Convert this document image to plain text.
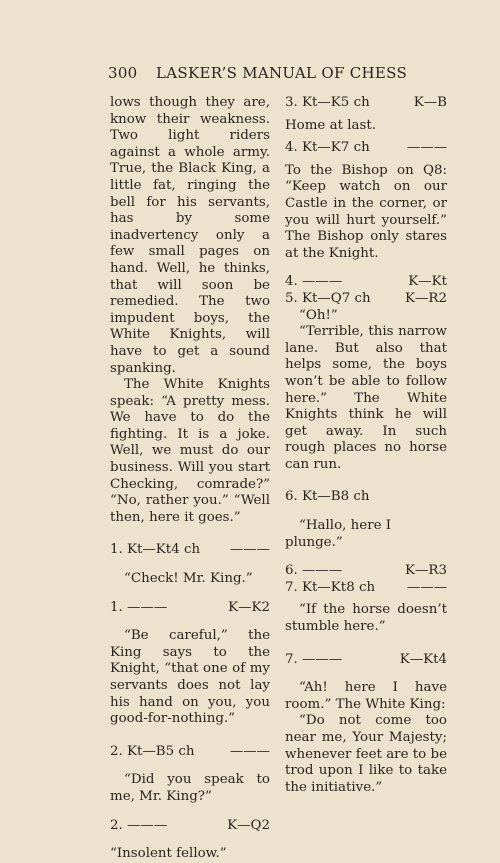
300 LASKER’S MANUAL OF CHESS

lows though they are, know their weakness. Two light riders against a whole army. True, the Black King, a little fat, ringing the bell for his servants, has by some inadvertency only a few small pages on hand. Well, he thinks, that will soon be remedied. The two impudent boys, the White Knights, will have to get a sound spanking.

The White Knights speak: “A pretty mess. We have to do the fighting. It is a joke. Well, we must do our business. Will you start Checking, comrade?” “No, rather you.” “Well then, here it goes.”

1. Kt—Kt4 ch ———

“Check! Mr. King.”

1. ———	K—K2

“Be careful,” the King says to the Knight, “that one of my servants does not lay his hand on you, you good-for-nothing.”

2. Kt—B5 ch	———

“Did you speak to me, Mr. King?”

2. ———	K—Q2

“Insolent fellow.”

3. Kt—K5 ch	K—B

Home at last.

4. Kt—K7 ch	———

To the Bishop on Q8: “Keep watch on our Castle in the corner, or you will hurt yourself.” The Bishop only stares at the Knight.

4. ———	K—Kt
5. Kt—Q7 ch	K—R2

“Oh!”

“Terrible, this narrow lane. But also that helps some, the boys won’t be able to follow here.” The White Knights think he will get away. In such rough places no horse can run.

6. Kt—B8 ch

“Hallo, here I plunge.”

6. ———	K—R3
7. Kt—Kt8 ch ———

“If the horse doesn’t stumble here.”

7. ———	K—Kt4

“Ah! here I have room.” The White King:

“Do not come too near me, Your Majesty; whenever feet are to be trod upon I like to take the initiative.”
